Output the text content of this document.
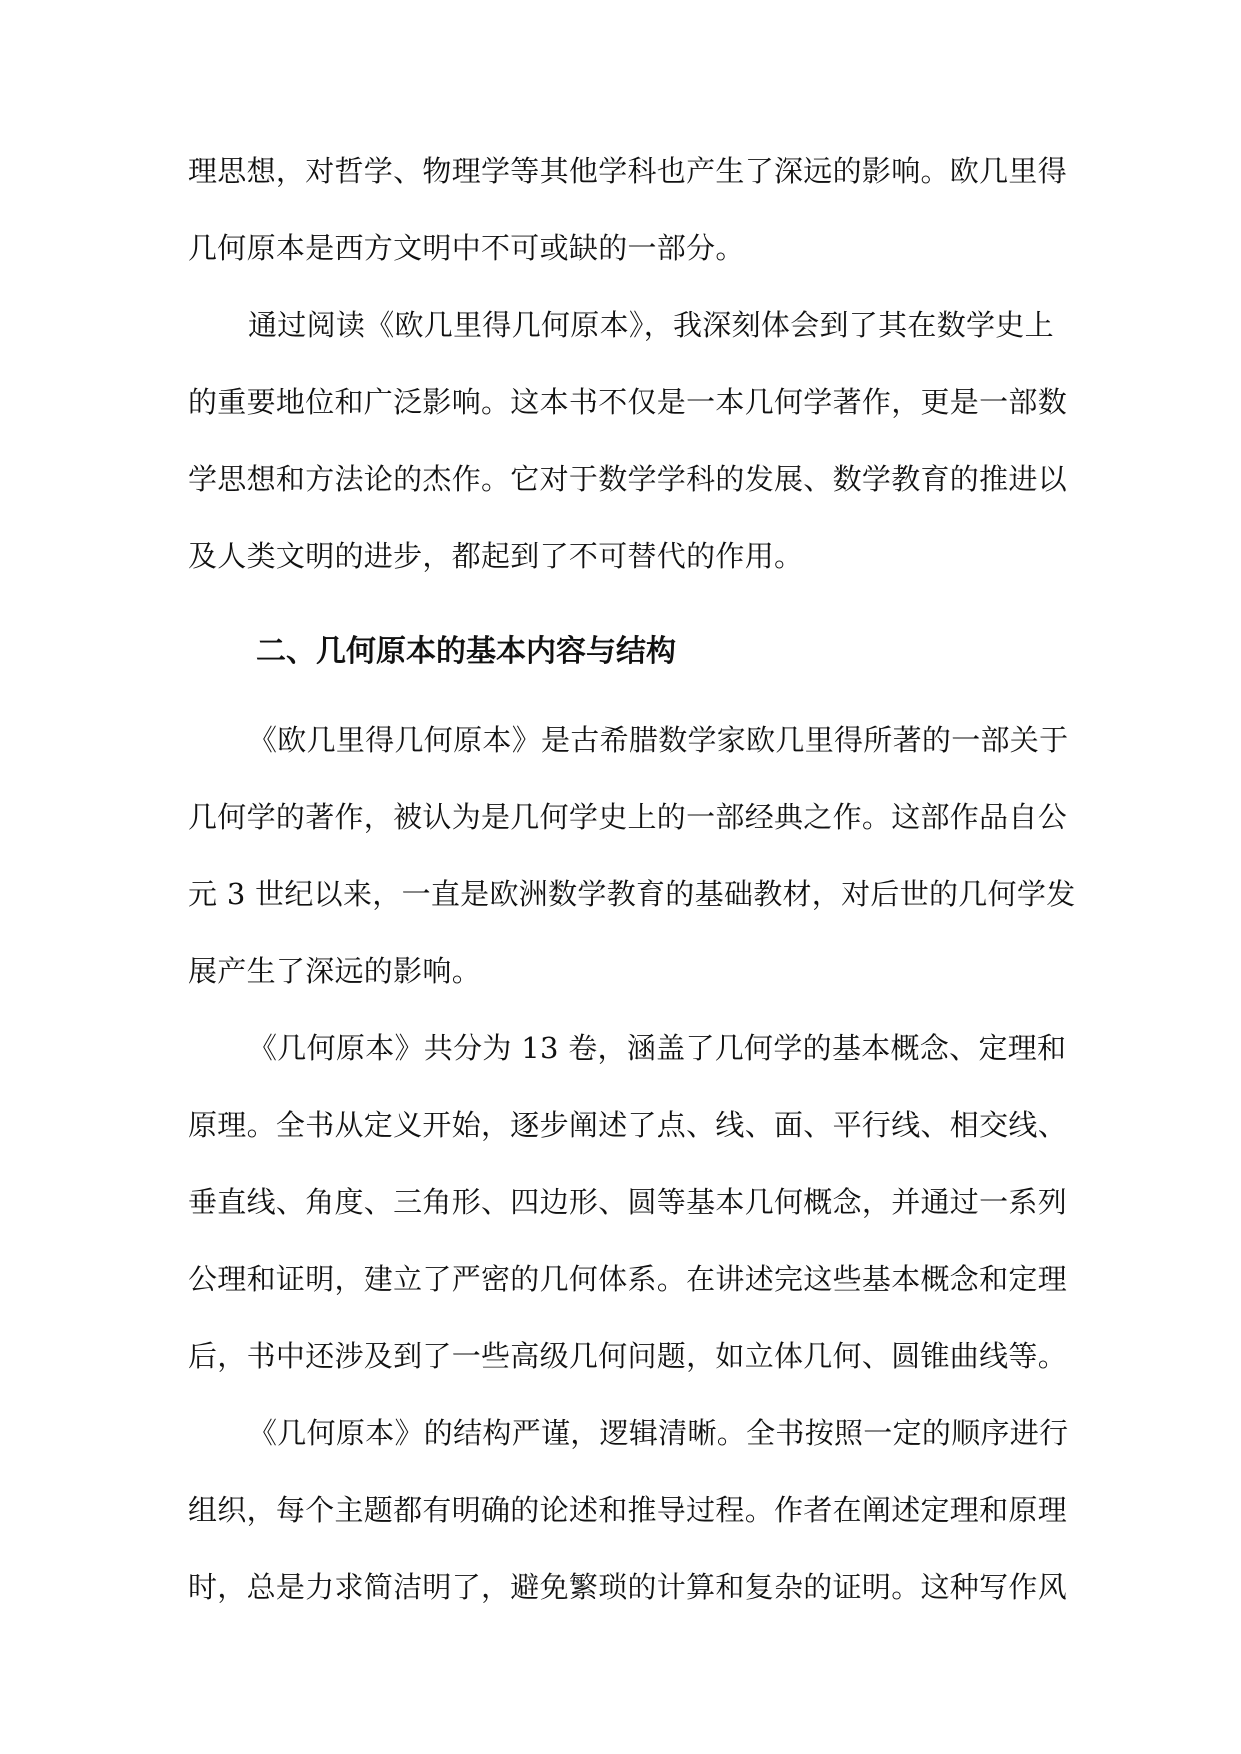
理思想，对哲学、物理学等其他学科也产生了深远的影响。欧几里得
几何原本是西方文明中不可或缺的一部分。
通过阅读《欧几里得几何原本》，我深刻体会到了其在数学史上
的重要地位和广泛影响。这本书不仅是一本几何学著作，更是一部数
学思想和方法论的杰作。它对于数学学科的发展、数学教育的推进以
及人类文明的进步，都起到了不可替代的作用。
二、几何原本的基本内容与结构
《欧几里得几何原本》是古希腊数学家欧几里得所著的一部关于
几何学的著作，被认为是几何学史上的一部经典之作。这部作品自公
元 3 世纪以来，一直是欧洲数学教育的基础教材，对后世的几何学发
展产生了深远的影响。
《几何原本》共分为 13 卷，涵盖了几何学的基本概念、定理和
原理。全书从定义开始，逐步阐述了点、线、面、平行线、相交线、
垂直线、角度、三角形、四边形、圆等基本几何概念，并通过一系列
公理和证明，建立了严密的几何体系。在讲述完这些基本概念和定理
后，书中还涉及到了一些高级几何问题，如立体几何、圆锥曲线等。
《几何原本》的结构严谨，逻辑清晰。全书按照一定的顺序进行
组织，每个主题都有明确的论述和推导过程。作者在阐述定理和原理
时，总是力求简洁明了，避免繁琐的计算和复杂的证明。这种写作风
